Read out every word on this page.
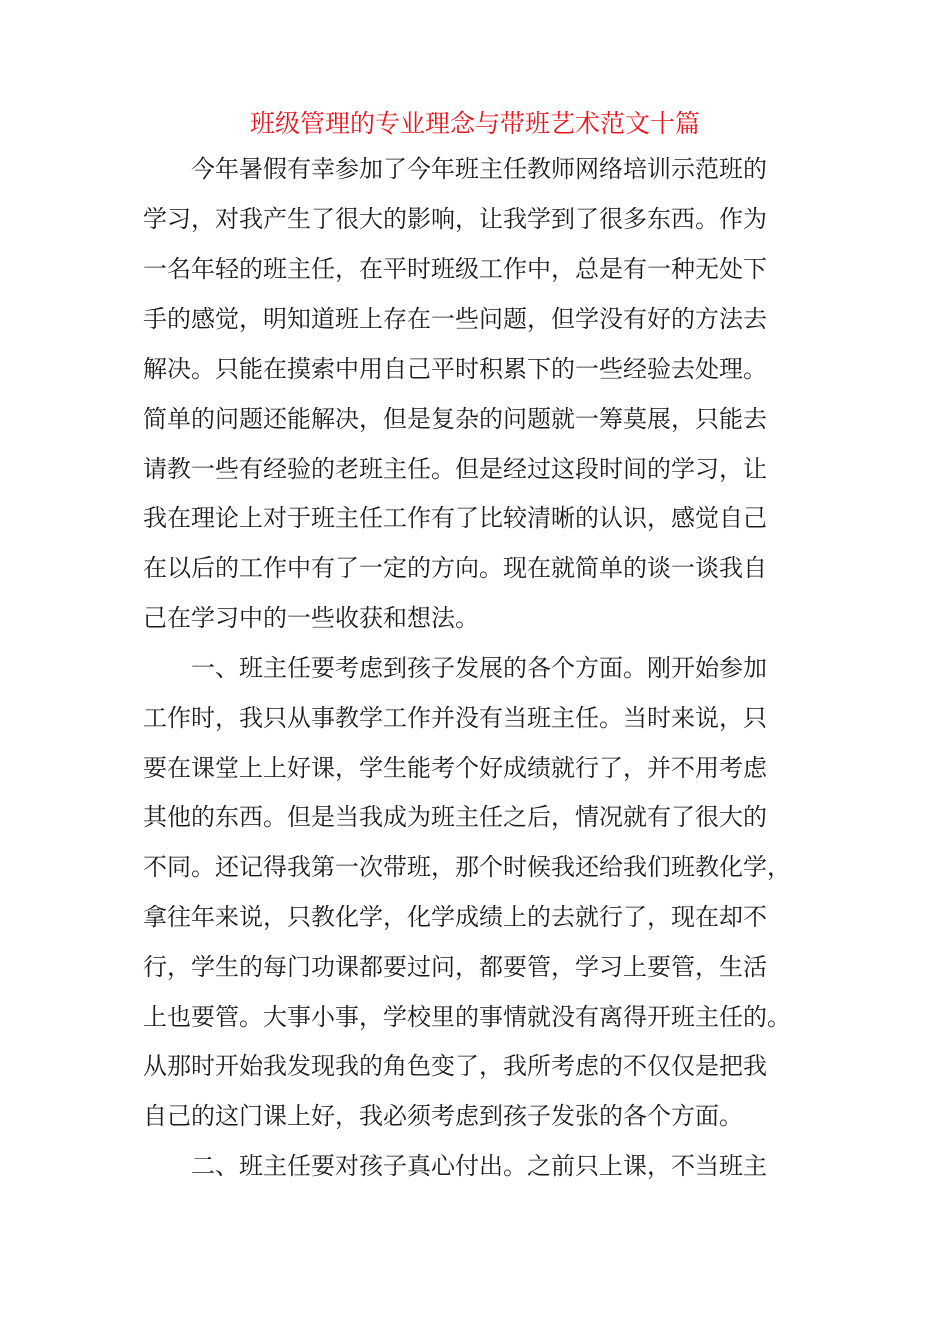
班级管理的专业理念与带班艺术范文十篇
今年暑假有幸参加了今年班主任教师网络培训示范班的
学习，对我产生了很大的影响，让我学到了很多东西。作为
一名年轻的班主任，在平时班级工作中，总是有一种无处下
手的感觉，明知道班上存在一些问题，但学没有好的方法去
解决。只能在摸索中用自己平时积累下的一些经验去处理。
简单的问题还能解决，但是复杂的问题就一筹莫展，只能去
请教一些有经验的老班主任。但是经过这段时间的学习，让
我在理论上对于班主任工作有了比较清晰的认识，感觉自己
在以后的工作中有了一定的方向。现在就简单的谈一谈我自
己在学习中的一些收获和想法。
一、班主任要考虑到孩子发展的各个方面。刚开始参加
工作时，我只从事教学工作并没有当班主任。当时来说，只
要在课堂上上好课，学生能考个好成绩就行了，并不用考虑
其他的东西。但是当我成为班主任之后，情况就有了很大的
不同。还记得我第一次带班，那个时候我还给我们班教化学，
拿往年来说，只教化学，化学成绩上的去就行了，现在却不
行，学生的每门功课都要过问，都要管，学习上要管，生活
上也要管。大事小事，学校里的事情就没有离得开班主任的。
从那时开始我发现我的角色变了，我所考虑的不仅仅是把我
自己的这门课上好，我必须考虑到孩子发张的各个方面。
二、班主任要对孩子真心付出。之前只上课，不当班主
